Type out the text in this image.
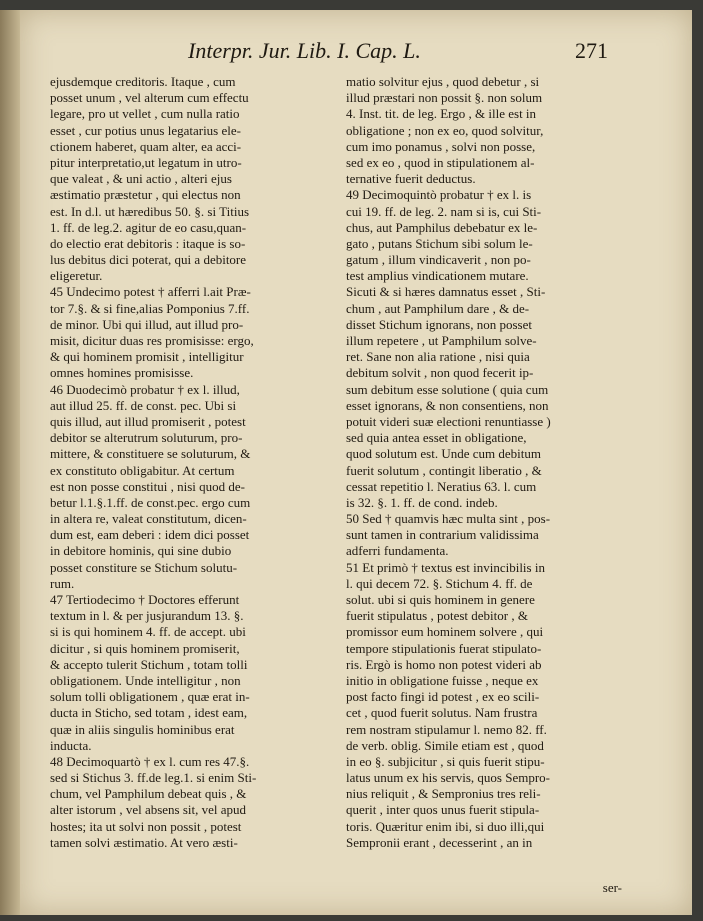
Interpr. Jur. Lib. I. Cap. L.	271
ejusdemque creditoris. Itaque , cum
posset unum , vel alterum cum effectu
legare, pro ut vellet , cum nulla ratio
esset , cur potius unus legatarius ele-
ctionem haberet, quam alter, ea acci-
pitur interpretatio,ut legatum in utro-
que valeat , & uni actio , alteri ejus
æstimatio præstetur , qui electus non
est. In d.l. ut hæredibus 50. §. si Titius
1. ff. de leg.2. agitur de eo casu,quan-
do electio erat debitoris : itaque is so-
lus debitus dici poterat, qui a debitore
eligeretur.
45 Undecimo potest † afferri l.ait Præ-
tor 7.§. & si fine,alias Pomponius 7.ff.
de minor. Ubi qui illud, aut illud pro-
misit, dicitur duas res promisisse: ergo,
& qui hominem promisit , intelligitur
omnes homines promisisse.
46 Duodecimò probatur † ex l. illud,
aut illud 25. ff. de const. pec. Ubi si
quis illud, aut illud promiserit , potest
debitor se alterutrum soluturum, pro-
mittere, & constituere se soluturum, &
ex constituto obligabitur. At certum
est non posse constitui , nisi quod de-
betur l.1.§.1.ff. de const.pec. ergo cum
in altera re, valeat constitutum, dicen-
dum est, eam deberi : idem dici posset
in debitore hominis, qui sine dubio
posset constiture se Stichum solutu-
rum.
47 Tertiodecimo † Doctores efferunt
textum in l. & per jusjurandum 13. §.
si is qui hominem 4. ff. de accept. ubi
dicitur , si quis hominem promiserit,
& accepto tulerit Stichum , totam tolli
obligationem. Unde intelligitur , non
solum tolli obligationem , quæ erat in-
ducta in Sticho, sed totam , idest eam,
quæ in aliis singulis hominibus erat
inducta.
48 Decimoquartò † ex l. cum res 47.§.
sed si Stichus 3. ff.de leg.1. si enim Sti-
chum, vel Pamphilum debeat quis , &
alter istorum , vel absens sit, vel apud
hostes; ita ut solvi non possit , potest
tamen solvi æstimatio. At vero æsti-
matio solvitur ejus , quod debetur , si
illud præstari non possit §. non solum
4. Inst. tit. de leg. Ergo , & ille est in
obligatione ; non ex eo, quod solvitur,
cum imo ponamus , solvi non posse,
sed ex eo , quod in stipulationem al-
ternative fuerit deductus.
49 Decimoquintò probatur † ex l. is
cui 19. ff. de leg. 2. nam si is, cui Sti-
chus, aut Pamphilus debebatur ex le-
gato , putans Stichum sibi solum le-
gatum , illum vindicaverit , non po-
test amplius vindicationem mutare.
Sicuti & si hæres damnatus esset , Sti-
chum , aut Pamphilum dare , & de-
disset Stichum ignorans, non posset
illum repetere , ut Pamphilum solve-
ret. Sane non alia ratione , nisi quia
debitum solvit , non quod fecerit ip-
sum debitum esse solutione ( quia cum
esset ignorans, & non consentiens, non
potuit videri suæ electioni renuntiasse )
sed quia antea esset in obligatione,
quod solutum est. Unde cum debitum
fuerit solutum , contingit liberatio , &
cessat repetitio l. Neratius 63. l. cum
is 32. §. 1. ff. de cond. indeb.
50 Sed † quamvis hæc multa sint , pos-
sunt tamen in contrarium validissima
adferri fundamenta.
51 Et primò † textus est invincibilis in
l. qui decem 72. §. Stichum 4. ff. de
solut. ubi si quis hominem in genere
fuerit stipulatus , potest debitor , &
promissor eum hominem solvere , qui
tempore stipulationis fuerat stipulato-
ris. Ergò is homo non potest videri ab
initio in obligatione fuisse , neque ex
post facto fingi id potest , ex eo scili-
cet , quod fuerit solutus. Nam frustra
rem nostram stipulamur l. nemo 82. ff.
de verb. oblig. Simile etiam est , quod
in eo §. subjicitur , si quis fuerit stipu-
latus unum ex his servis, quos Sempro-
nius reliquit , & Sempronius tres reli-
querit , inter quos unus fuerit stipula-
toris. Quæritur enim ibi, si duo illi,qui
Sempronii erant , decesserint , an in
ser-
